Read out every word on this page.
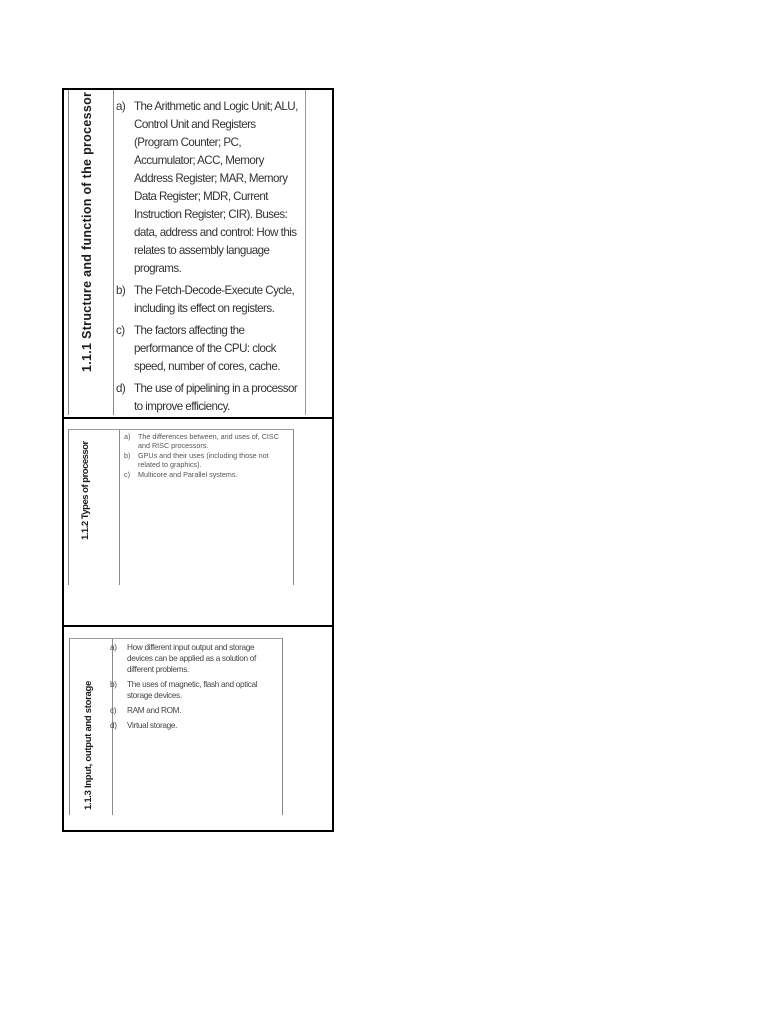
1.1.1 Structure and function of the processor a) The Arithmetic and Logic Unit; ALU, Control Unit and Registers (Program Counter; PC, Accumulator; ACC, Memory Address Register; MAR, Memory Data Register; MDR, Current Instruction Register; CIR). Buses: data, address and control: How this relates to assembly language programs.
b) The Fetch-Decode-Execute Cycle, including its effect on registers.
c) The factors affecting the performance of the CPU: clock speed, number of cores, cache.
d) The use of pipelining in a processor to improve efficiency.
1.1.2 Types of processor
a)	The differences between, and uses of, CISC and RISC processors.
b)	GPUs and their uses (including those not related to graphics).
c)	Multicore and Parallel systems.
1.1.3 Input, output and storage
a)	How different input output and storage devices can be applied as a solution of different problems.
b)	The uses of magnetic, flash and optical storage devices.
c)	RAM and ROM.
d)	Virtual storage.
